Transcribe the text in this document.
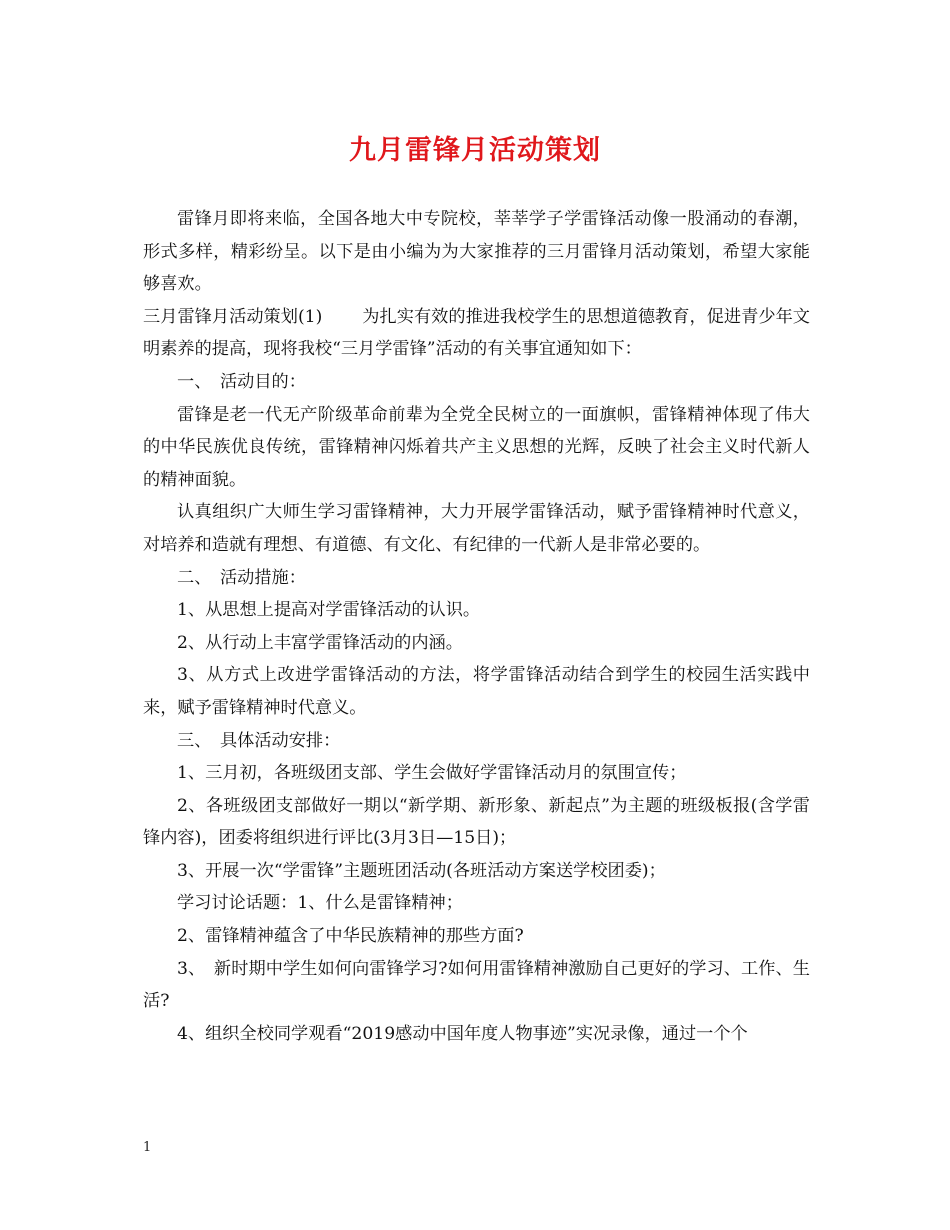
九月雷锋月活动策划

雷锋月即将来临，全国各地大中专院校，莘莘学子学雷锋活动像一股涌动的春潮，形式多样，精彩纷呈。以下是由小编为为大家推荐的三月雷锋月活动策划，希望大家能够喜欢。

三月雷锋月活动策划(1)　　 为扎实有效的推进我校学生的思想道德教育，促进青少年文明素养的提高，现将我校“三月学雷锋”活动的有关事宜通知如下：

一、　活动目的：

雷锋是老一代无产阶级革命前辈为全党全民树立的一面旗帜，雷锋精神体现了伟大的中华民族优良传统，雷锋精神闪烁着共产主义思想的光辉，反映了社会主义时代新人的精神面貌。

认真组织广大师生学习雷锋精神，大力开展学雷锋活动，赋予雷锋精神时代意义，对培养和造就有理想、有道德、有文化、有纪律的一代新人是非常必要的。

二、　活动措施：

1、从思想上提高对学雷锋活动的认识。

2、从行动上丰富学雷锋活动的内涵。

3、从方式上改进学雷锋活动的方法，将学雷锋活动结合到学生的校园生活实践中来，赋予雷锋精神时代意义。

三、　具体活动安排：

1、三月初，各班级团支部、学生会做好学雷锋活动月的氛围宣传；

2、各班级团支部做好一期以“新学期、新形象、新起点”为主题的班级板报(含学雷锋内容)，团委将组织进行评比(3月3日—15日)；

3、开展一次“学雷锋”主题班团活动(各班活动方案送学校团委)；

学习讨论话题：1、什么是雷锋精神；

2、雷锋精神蕴含了中华民族精神的那些方面?

3、　新时期中学生如何向雷锋学习?如何用雷锋精神激励自己更好的学习、工作、生活?

4、组织全校同学观看“2019感动中国年度人物事迹”实况录像，通过一个个

1
